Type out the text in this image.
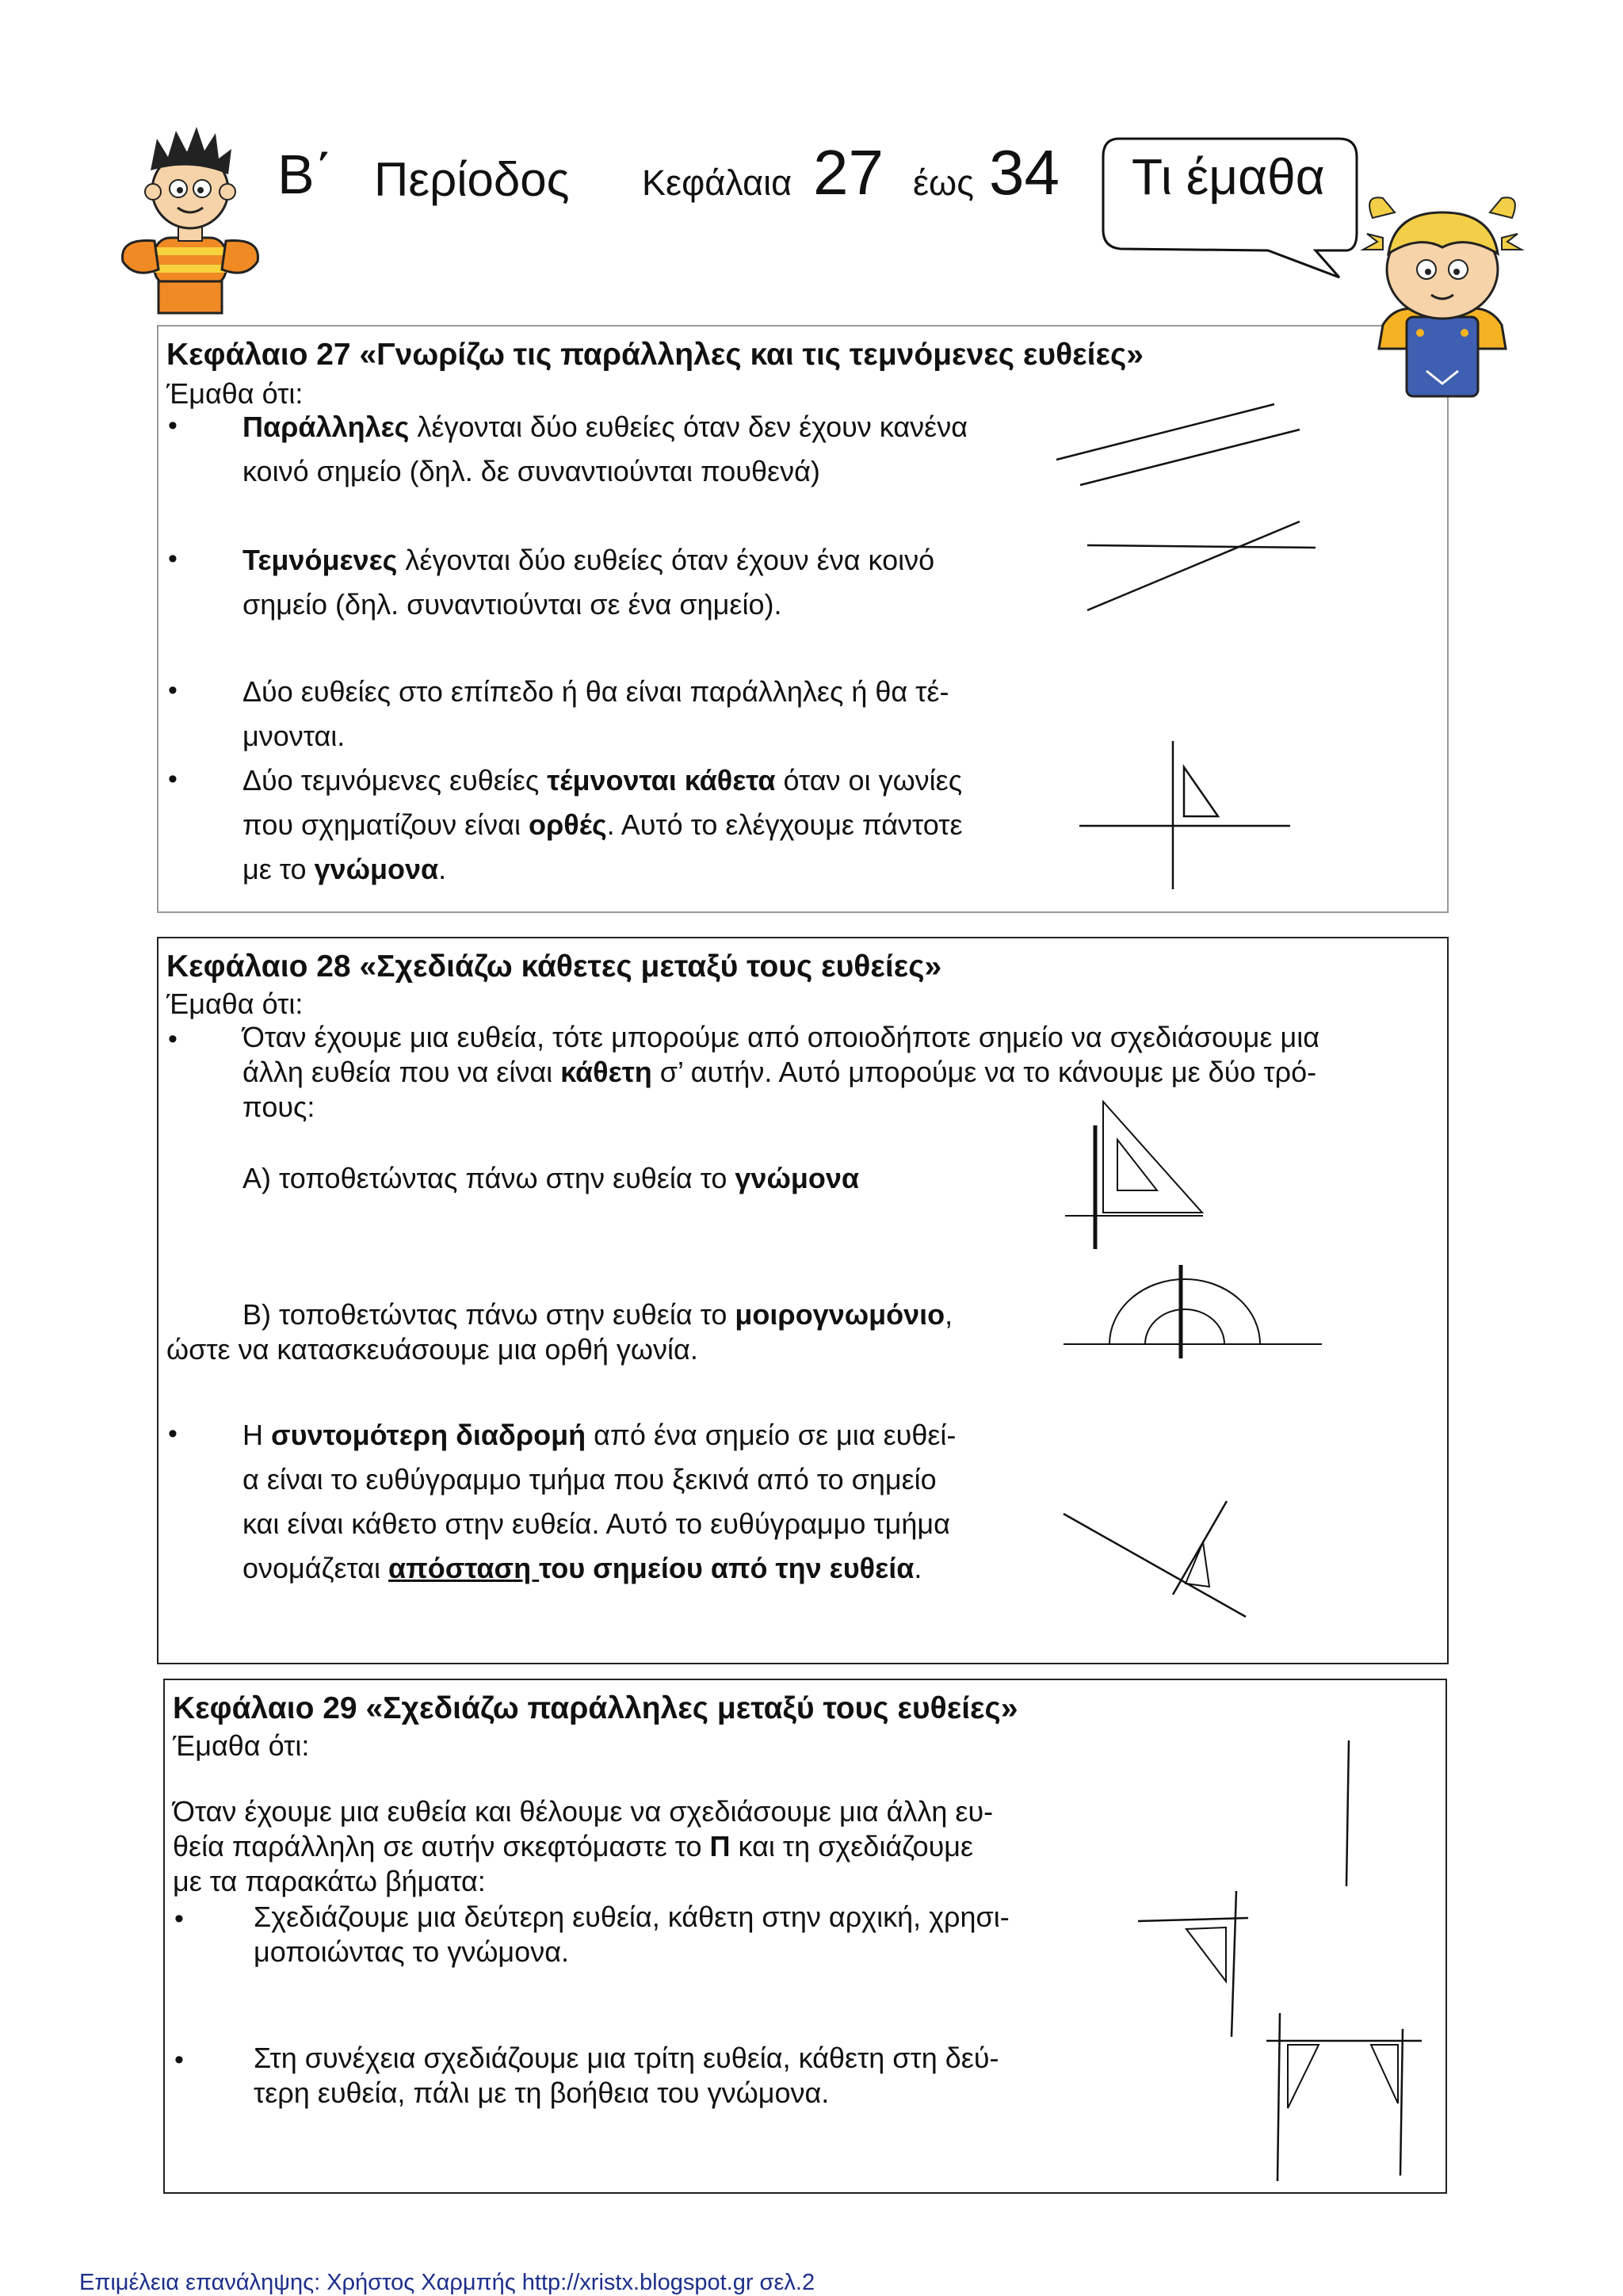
Β΄ Περίοδος Κεφάλαια 27 έως 34 Τι έμαθα
Κεφάλαιο 27 «Γνωρίζω τις παράλληλες και τις τεμνόμενες ευθείες»
Έμαθα ότι:
• Παράλληλες λέγονται δύο ευθείες όταν δεν έχουν κανένα
κοινό σημείο (δηλ. δε συναντιούνται πουθενά)
• Τεμνόμενες λέγονται δύο ευθείες όταν έχουν ένα κοινό
σημείο (δηλ. συναντιούνται σε ένα σημείο).
• Δύο ευθείες στο επίπεδο ή θα είναι παράλληλες ή θα τέ-
μνονται.
• Δύο τεμνόμενες ευθείες τέμνονται κάθετα όταν οι γωνίες
που σχηματίζουν είναι ορθές. Αυτό το ελέγχουμε πάντοτε
με το γνώμονα.
Κεφάλαιο 28 «Σχεδιάζω κάθετες μεταξύ τους ευθείες»
Έμαθα ότι:
• Όταν έχουμε μια ευθεία, τότε μπορούμε από οποιοδήποτε σημείο να σχεδιάσουμε μια
άλλη ευθεία που να είναι κάθετη σ’ αυτήν. Αυτό μπορούμε να το κάνουμε με δύο τρό-
πους:
Α) τοποθετώντας πάνω στην ευθεία το γνώμονα
Β) τοποθετώντας πάνω στην ευθεία το μοιρογνωμόνιο,
ώστε να κατασκευάσουμε μια ορθή γωνία.
• Η συντομότερη διαδρομή από ένα σημείο σε μια ευθεί-
α είναι το ευθύγραμμο τμήμα που ξεκινά από το σημείο
και είναι κάθετο στην ευθεία. Αυτό το ευθύγραμμο τμήμα
ονομάζεται απόσταση του σημείου από την ευθεία.
Κεφάλαιο 29 «Σχεδιάζω παράλληλες μεταξύ τους ευθείες»
Έμαθα ότι:
Όταν έχουμε μια ευθεία και θέλουμε να σχεδιάσουμε μια άλλη ευ-
θεία παράλληλη σε αυτήν σκεφτόμαστε το Π και τη σχεδιάζουμε
με τα παρακάτω βήματα:
• Σχεδιάζουμε μια δεύτερη ευθεία, κάθετη στην αρχική, χρησι-
μοποιώντας το γνώμονα.
• Στη συνέχεια σχεδιάζουμε μια τρίτη ευθεία, κάθετη στη δεύ-
τερη ευθεία, πάλι με τη βοήθεια του γνώμονα.
Επιμέλεια επανάληψης: Χρήστος Χαρμπής http://xristx.blogspot.gr σελ.2
